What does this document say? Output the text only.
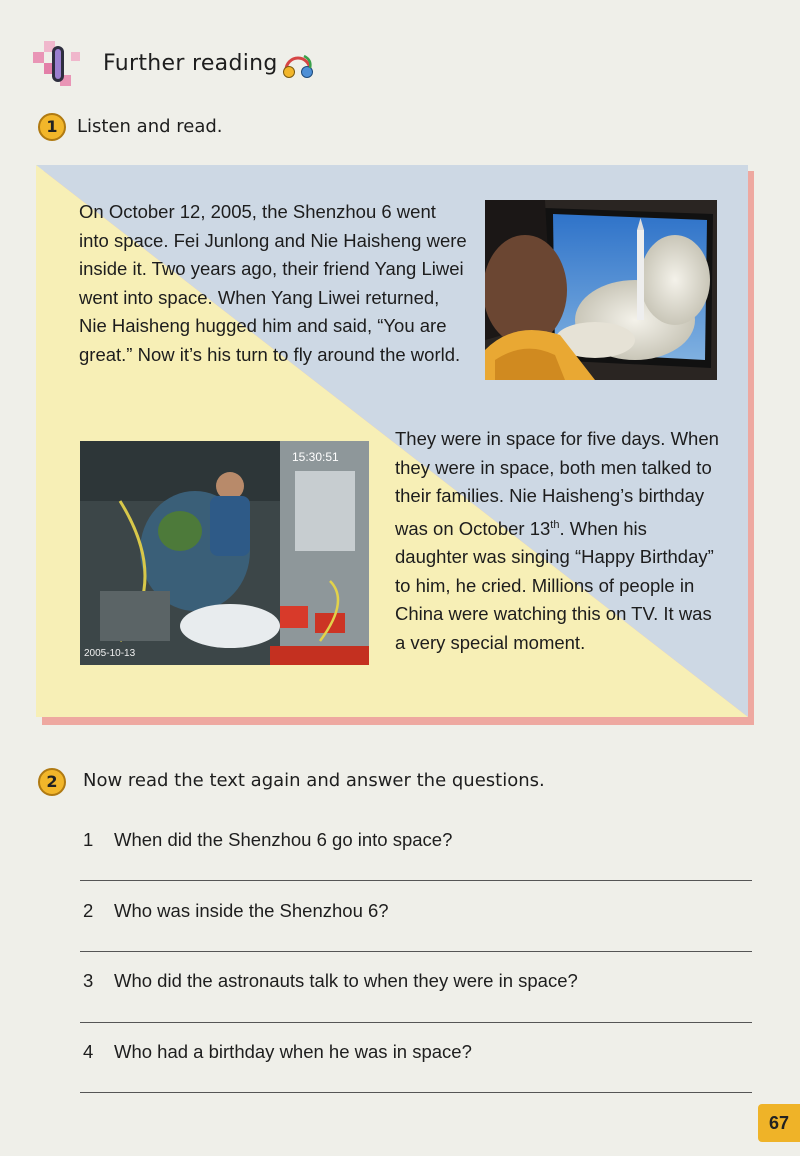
Further reading
1	Listen and read.
On October 12, 2005, the Shenzhou 6 went into space. Fei Junlong and Nie Haisheng were inside it. Two years ago, their friend Yang Liwei went into space. When Yang Liwei returned, Nie Haisheng hugged him and said, “You are great.” Now it’s his turn to fly around the world.
15:30:51
2005-10-13
They were in space for five days. When they were in space, both men talked to their families. Nie Haisheng’s birthday was on October 13th. When his daughter was singing “Happy Birthday” to him, he cried. Millions of people in China were watching this on TV. It was a very special moment.
2	Now read the text again and answer the questions.
1 When did the Shenzhou 6 go into space?
2 Who was inside the Shenzhou 6?
3 Who did the astronauts talk to when they were in space?
4 Who had a birthday when he was in space?
67
